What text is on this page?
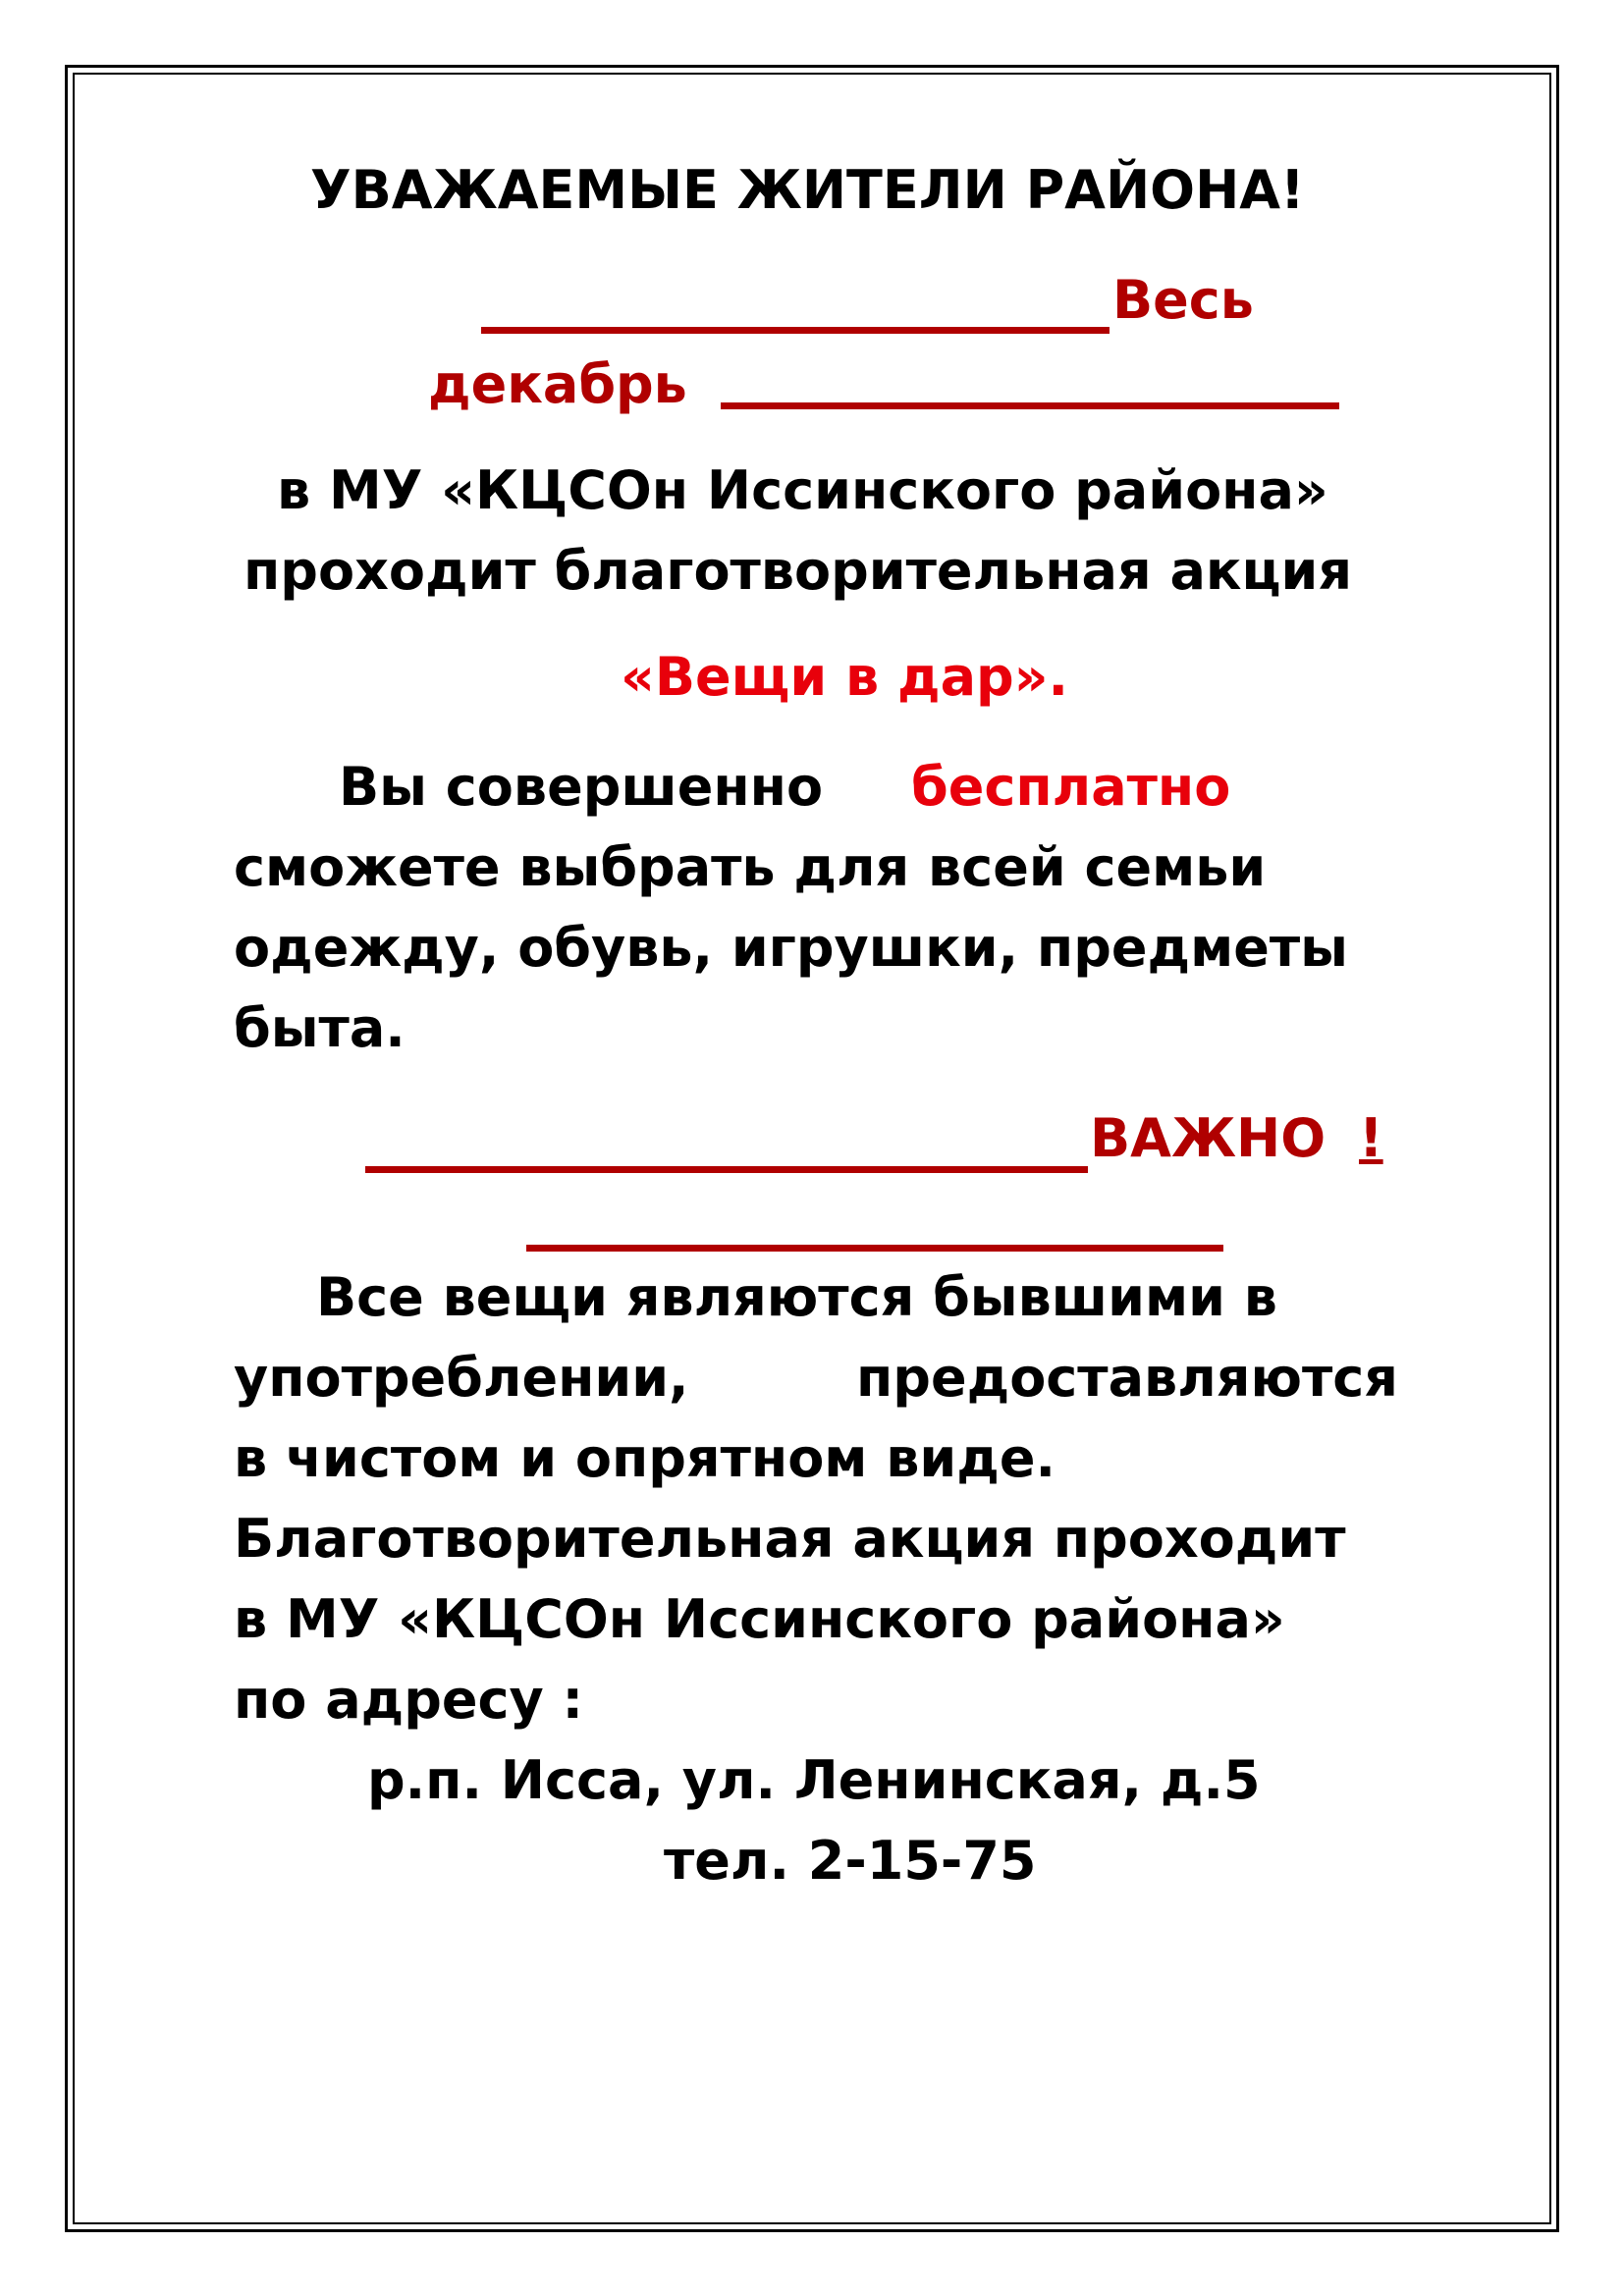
УВАЖАЕМЫЕ ЖИТЕЛИ РАЙОНА!
Весь
декабрь
в МУ «КЦСОн Иссинского района»
проходит благотворительная акция
«Вещи в дар».
Вы совершенно бесплатно
сможете выбрать для всей семьи
одежду, обувь, игрушки, предметы
быта.
ВАЖНО !
Все вещи являются бывшими в
употреблении,	предоставляются
в чистом и опрятном виде.
Благотворительная акция проходит
в МУ «КЦСОн Иссинского района»
по адресу :
р.п. Исса, ул. Ленинская, д.5
тел. 2-15-75
